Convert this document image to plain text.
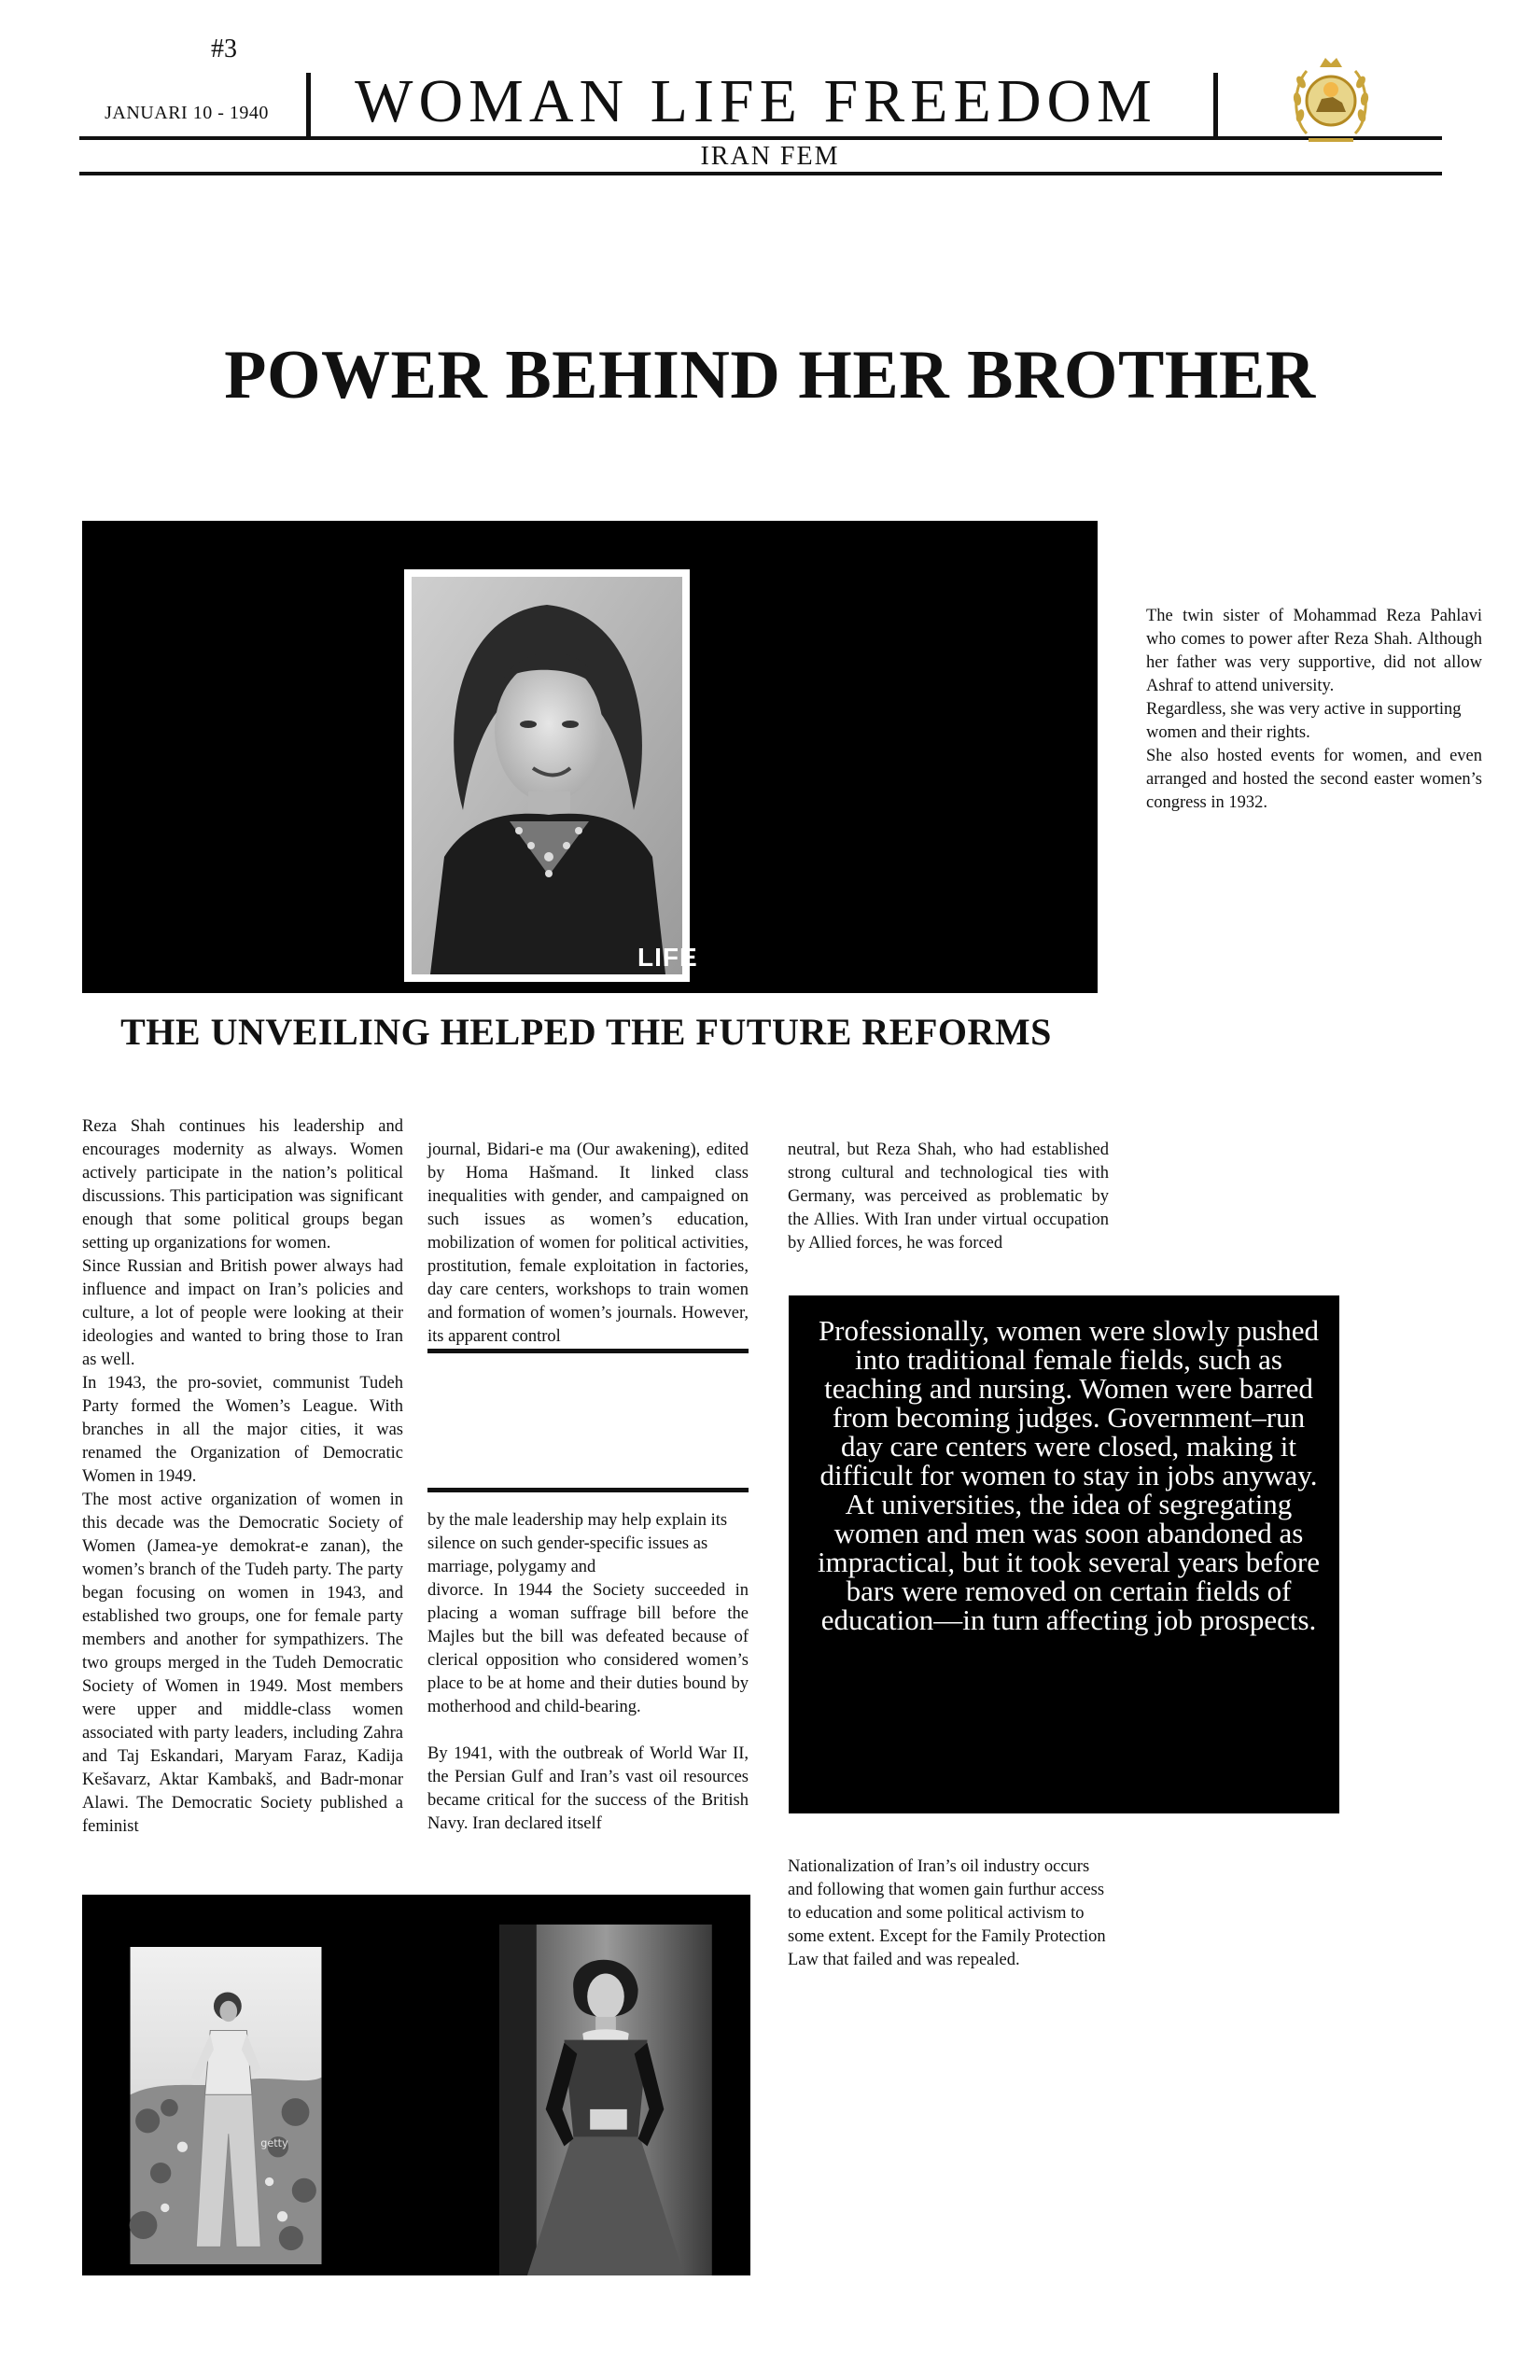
#3
JANUARI 10 - 1940	WOMAN LIFE FREEDOM
IRAN FEM
POWER BEHIND HER BROTHER
LIFE

The twin sister of Mohammad Reza Pahlavi who comes to power after Reza Shah. Although her father was very supportive, did not allow Ashraf to attend university.

Regardless, she was very active in supporting women and their rights.

She also hosted events for women, and even arranged and hosted the second easter women’s congress in 1932.

THE UNVEILING HELPED THE FUTURE REFORMS

Reza Shah continues his leadership and encourages modernity as always. Women actively participate in the nation’s political discussions. This participation was significant enough that some political groups began setting up organizations for women.

Since Russian and British power always had influence and impact on Iran’s policies and culture, a lot of people were looking at their ideologies and wanted to bring those to Iran as well.

In 1943, the pro-soviet, communist Tudeh Party formed the Women’s League. With branches in all the major cities, it was renamed the Organization of Democratic Women in 1949.

The most active organization of women in this decade was the Democratic Society of Women (Jamea-ye demokrat-e zanan), the women’s branch of the Tudeh party. The party began focusing on women in 1943, and established two groups, one for female party members and another for sympathizers. The two groups merged in the Tudeh Democratic Society of Women in 1949. Most members were upper and middle-class women associated with party leaders, including Zahra and Taj Eskandari, Maryam Faraz, Kadija Kešavarz, Aktar Kambakš, and Badr-monar Alawi. The Democratic Society published a feminist

journal, Bidari-e ma (Our awakening), edited by Homa Hašmand. It linked class inequalities with gender, and campaigned on such issues as women’s education, mobilization of women for political activities, prostitution, female exploitation in factories, day care centers, workshops to train women and formation of women’s journals. However, its apparent control

by the male leadership may help explain its silence on such gender-specific issues as marriage, polygamy and

divorce. In 1944 the Society succeeded in placing a woman suffrage bill before the Majles but the bill was defeated because of clerical opposition who considered women’s place to be at home and their duties bound by motherhood and child-bearing.

By 1941, with the outbreak of World War II, the Persian Gulf and Iran’s vast oil resources became critical for the success of the British Navy. Iran declared itself

neutral, but Reza Shah, who had established strong cultural and technological ties with Germany, was perceived as problematic by the Allies. With Iran under virtual occupation by Allied forces, he was forced

Professionally, women were slowly pushed into traditional female fields, such as teaching and nursing. Women were barred from becoming judges. Government–run day care centers were closed, making it difficult for women to stay in jobs anyway. At universities, the idea of segregating women and men was soon abandoned as impractical, but it took several years before bars were removed on certain fields of education—in turn affecting job prospects.

Nationalization of Iran’s oil industry occurs and following that women gain furthur access to education and some political activism to some extent. Except for the Family Protection Law that failed and was repealed.

getty
